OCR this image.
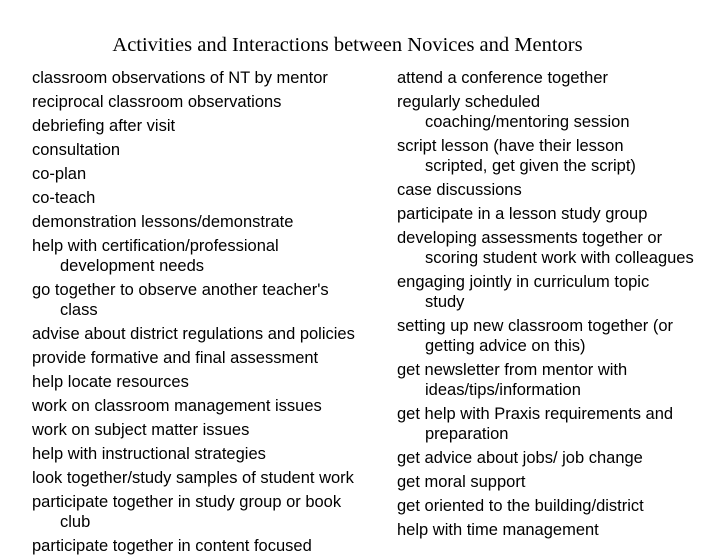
Activities and Interactions between Novices and Mentors
classroom observations of NT by mentor
reciprocal classroom observations
debriefing after visit
consultation
co-plan
co-teach
demonstration lessons/demonstrate
help with certification/professional
development needs
go together to observe another teacher's
class
advise about district regulations and policies
provide formative and final assessment
help locate resources
work on classroom management issues
work on subject matter issues
help with instructional strategies
look together/study samples of student work
participate together in study group or book
club
participate together in content focused
attend a conference together
regularly scheduled
coaching/mentoring session
script lesson (have their lesson
scripted, get given the script)
case discussions
participate in a lesson study group
developing assessments together or
scoring student work with colleagues
engaging jointly in curriculum topic
study
setting up new classroom together (or
getting advice on this)
get newsletter from mentor with
ideas/tips/information
get help with Praxis requirements and
preparation
get advice about jobs/ job change
get moral support
get oriented to the building/district
help with time management
